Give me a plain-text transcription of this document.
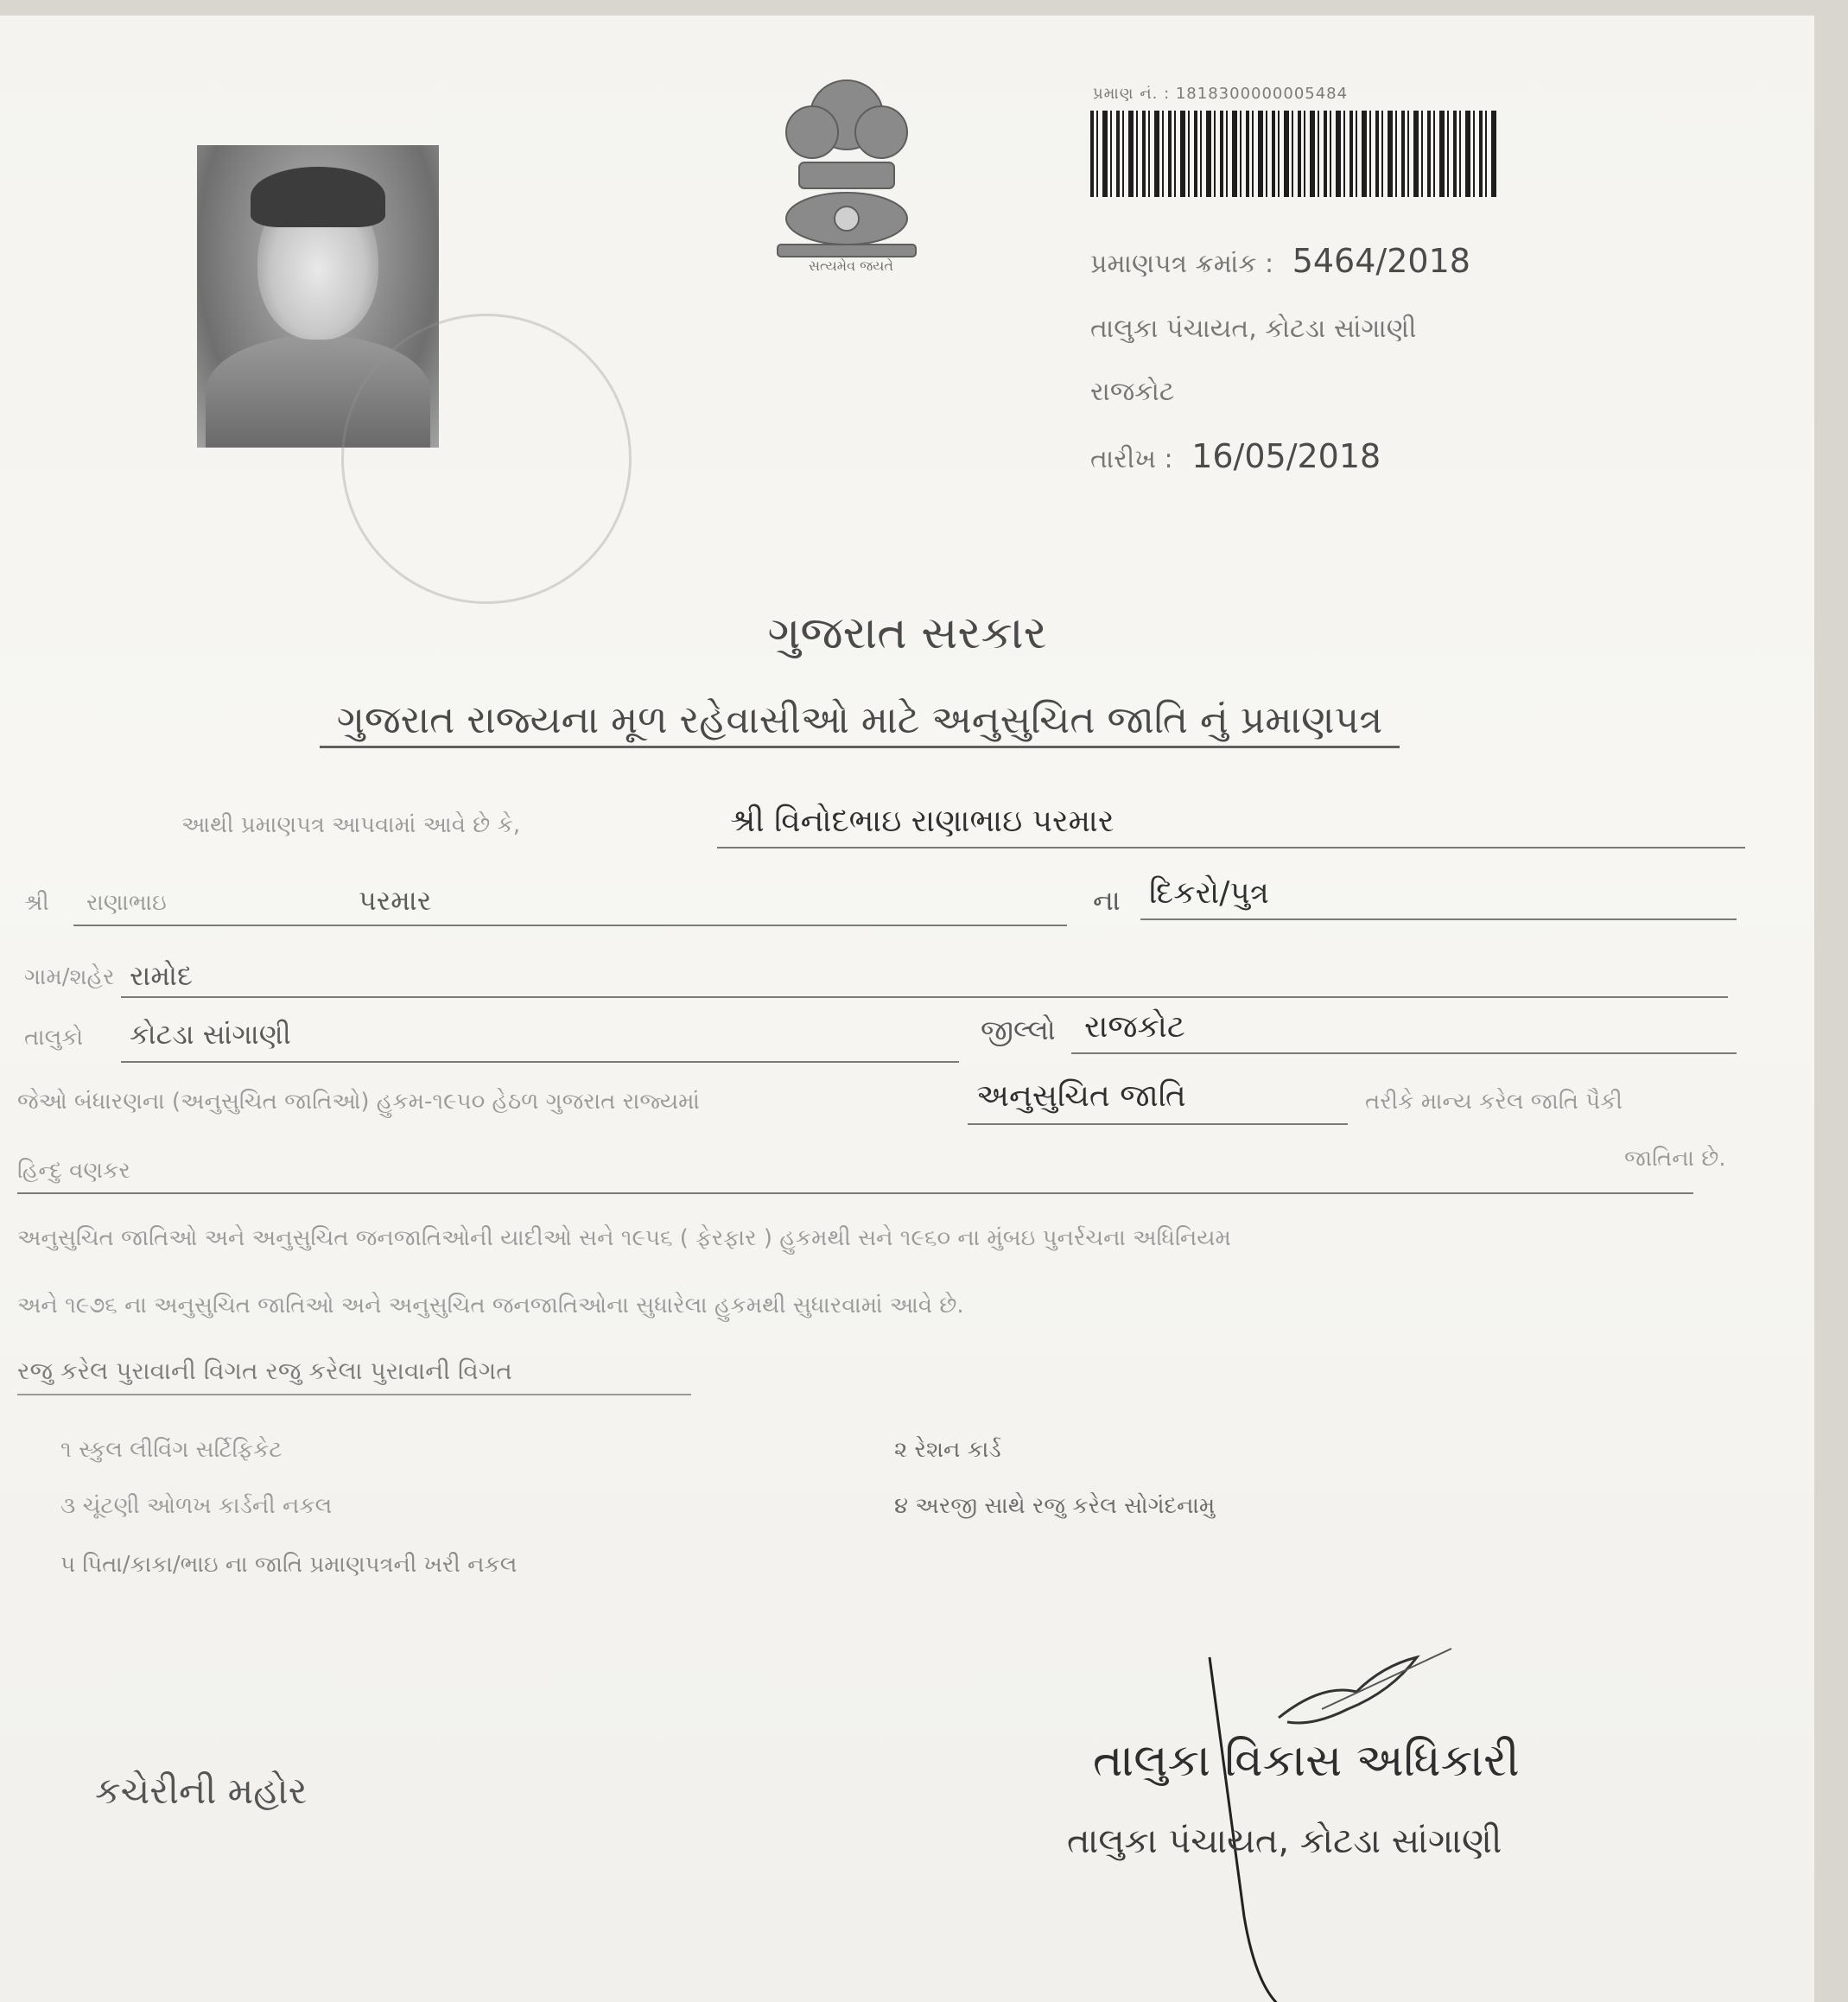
સત્યમેવ જયતે
પ્રમાણ નં. : 1818300000005484
પ્રમાણપત્ર ક્રમાંક : 5464/2018
તાલુકા પંચાયત, કોટડા સાંગાણી
રાજકોટ
તારીખ : 16/05/2018
ગુજરાત સરકાર
ગુજરાત રાજ્યના મૂળ રહેવાસીઓ માટે અનુસુચિત જાતિ નું પ્રમાણપત્ર
આથી પ્રમાણપત્ર આપવામાં આવે છે કે,	શ્રી વિનોદભાઇ રાણાભાઇ પરમાર
શ્રી રાણાભાઇ	પરમાર	ના દિકરો/પુત્ર
ગામ/શહેર રામોદ
તાલુકો કોટડા સાંગાણી	જીલ્લો રાજકોટ
જેઓ બંધારણના (અનુસુચિત જાતિઓ) હુકમ-૧૯૫૦ હેઠળ ગુજરાત રાજ્યમાં	અનુસુચિત જાતિ	તરીકે માન્ય કરેલ જાતિ પૈકી
હિન્દુ વણકર	જાતિના છે.
અનુસુચિત જાતિઓ અને અનુસુચિત જનજાતિઓની યાદીઓ સને ૧૯૫૬ ( ફેરફાર ) હુકમથી સને ૧૯૬૦ ના મુંબઇ પુનર્રચના અધિનિયમ
અને ૧૯૭૬ ના અનુસુચિત જાતિઓ અને અનુસુચિત જનજાતિઓના સુધારેલા હુકમથી સુધારવામાં આવે છે.
રજુ કરેલ પુરાવાની વિગત રજુ કરેલા પુરાવાની વિગત
૧ સ્કુલ લીવિંગ સર્ટિફિકેટ	૨ રેશન કાર્ડ
૩ ચૂંટણી ઓળખ કાર્ડની નકલ	૪ અરજી સાથે રજુ કરેલ સોગંદનામુ
૫ પિતા/કાકા/ભાઇ ના જાતિ પ્રમાણપત્રની ખરી નકલ
કચેરીની મહોર
તાલુકા વિકાસ અધિકારી
તાલુકા પંચાયત, કોટડા સાંગાણી
